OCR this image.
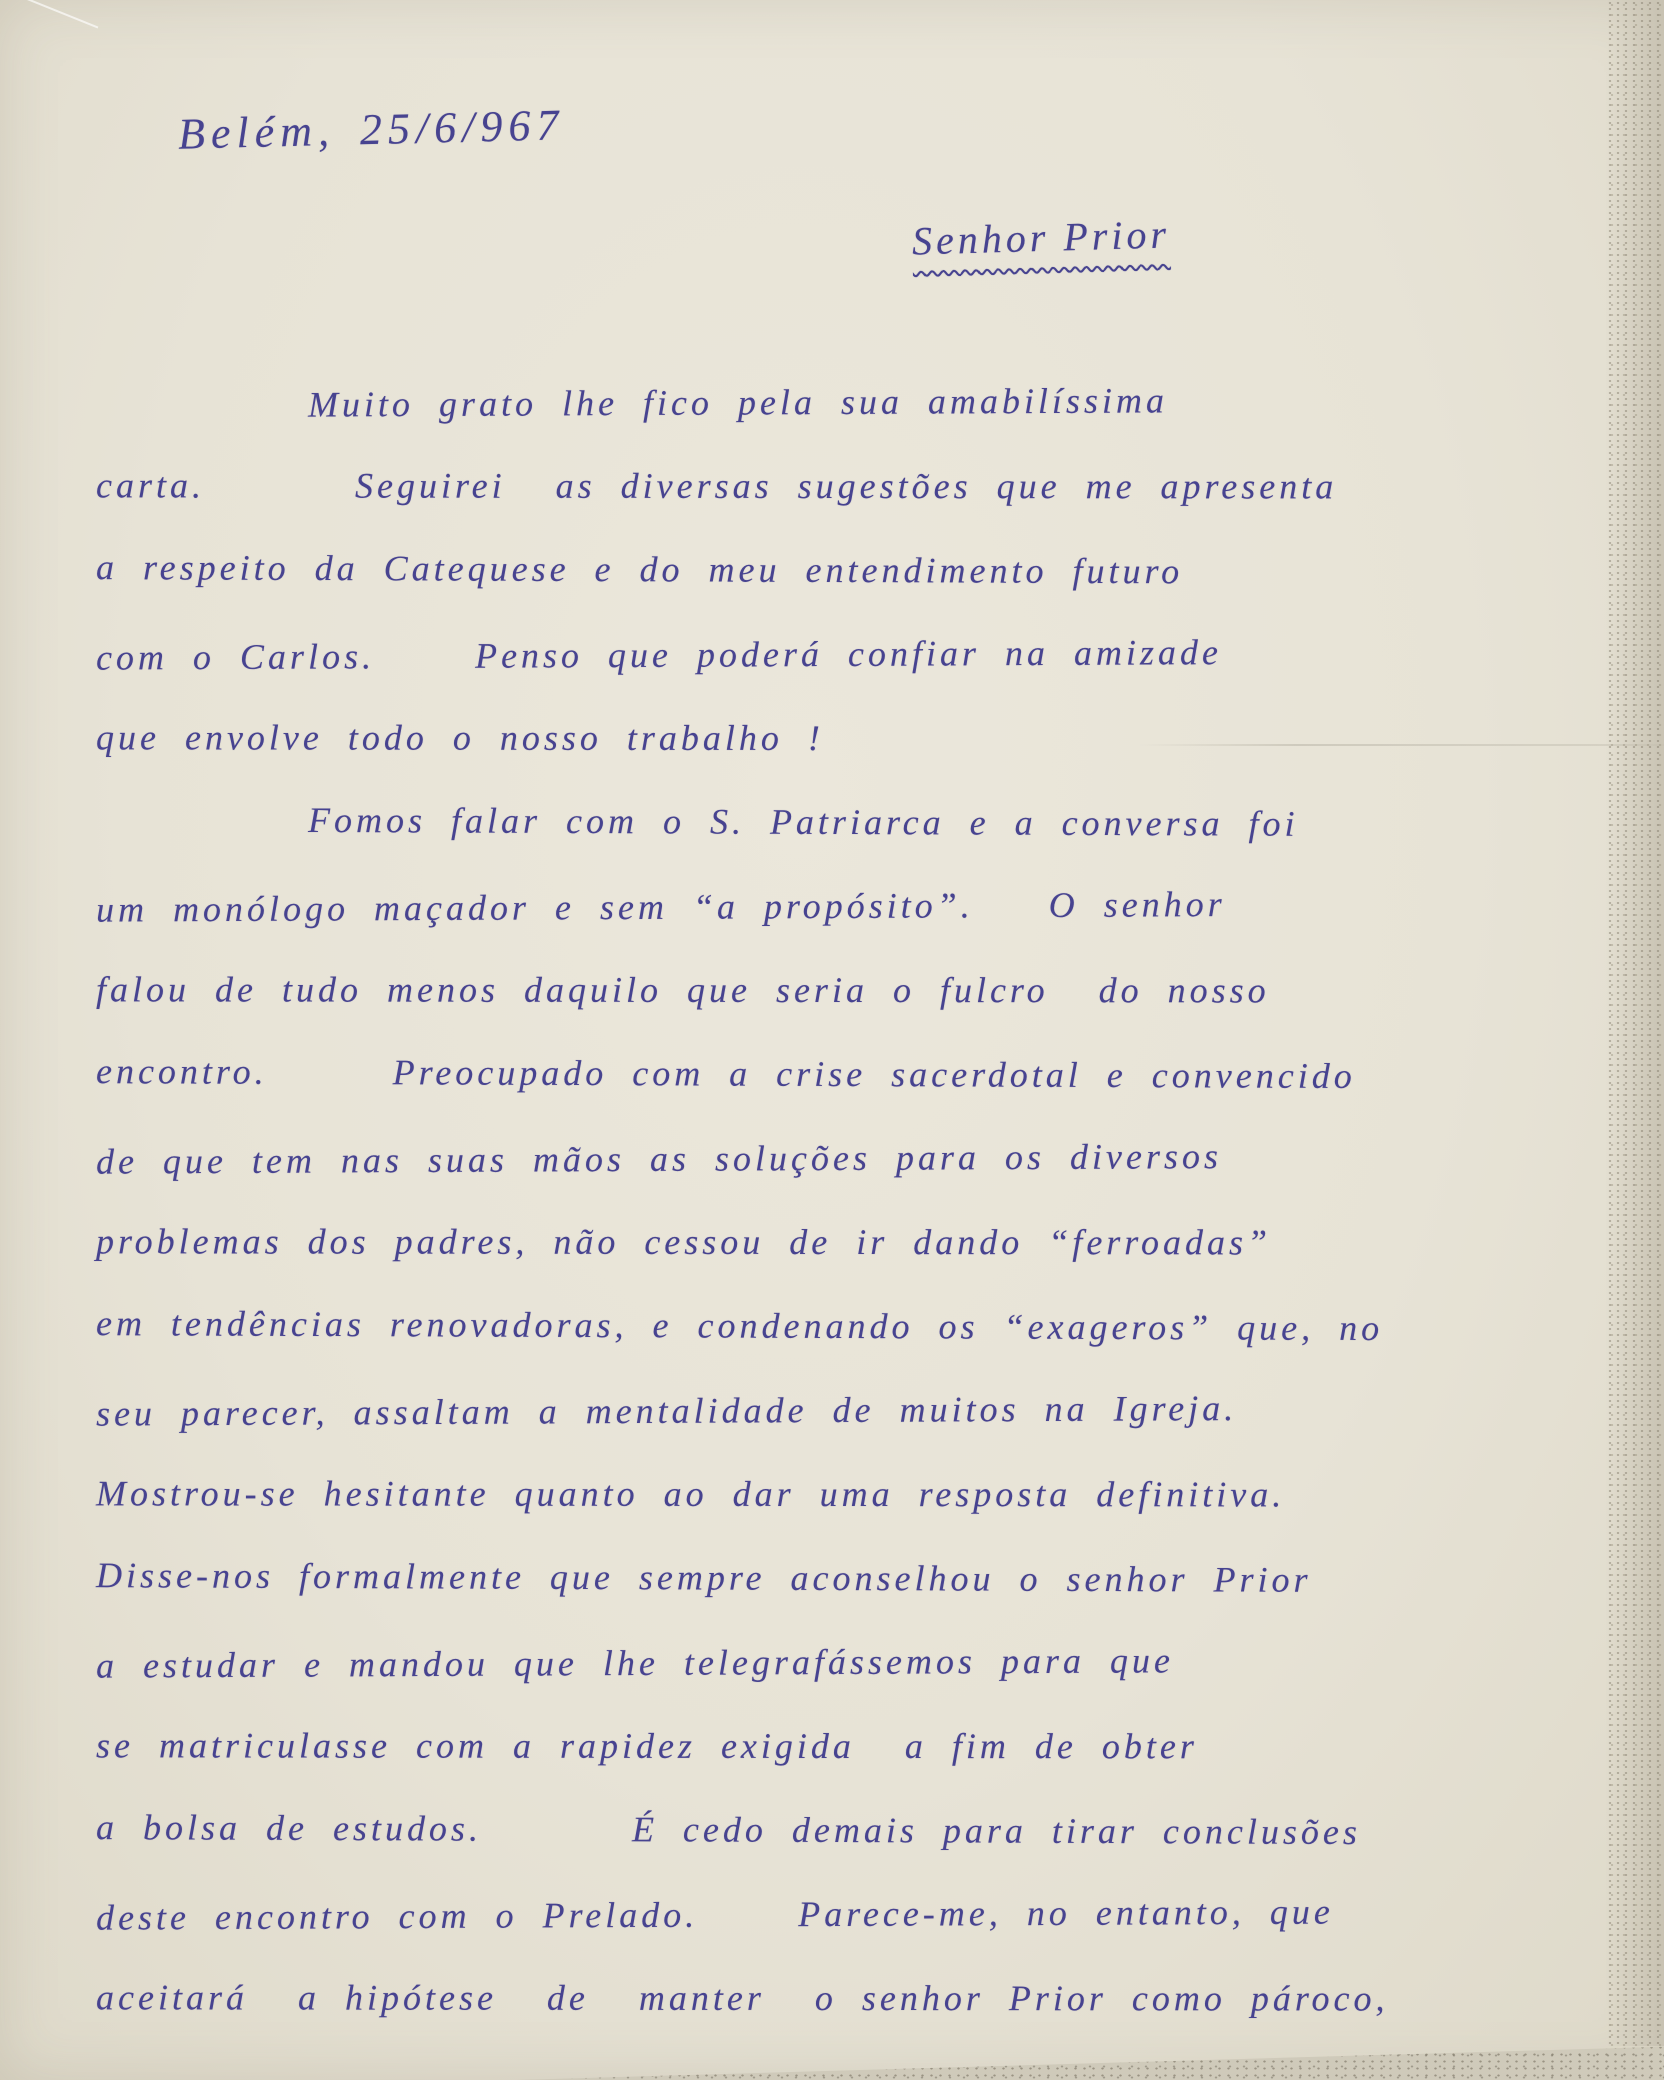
Belém, 25/6/967
Senhor Prior
Muito grato lhe fico pela sua amabilíssima
carta.      Seguirei  as diversas sugestões que me apresenta
a respeito da Catequese e do meu entendimento futuro
com o Carlos.    Penso que poderá confiar na amizade
que envolve todo o nosso trabalho !
Fomos falar com o S. Patriarca e a conversa foi
um monólogo maçador e sem “a propósito”.   O senhor
falou de tudo menos daquilo que seria o fulcro  do nosso
encontro.     Preocupado com a crise sacerdotal e convencido
de que tem nas suas mãos as soluções para os diversos
problemas dos padres, não cessou de ir dando “ferroadas”
em tendências renovadoras, e condenando os “exageros” que, no
seu parecer, assaltam a mentalidade de muitos na Igreja.
Mostrou-se hesitante quanto ao dar uma resposta definitiva.
Disse-nos formalmente que sempre aconselhou o senhor Prior
a estudar e mandou que lhe telegrafássemos para que
se matriculasse com a rapidez exigida  a fim de obter
a bolsa de estudos.      É cedo demais para tirar conclusões
deste encontro com o Prelado.    Parece-me, no entanto, que
aceitará  a hipótese  de  manter  o senhor Prior como pároco,
